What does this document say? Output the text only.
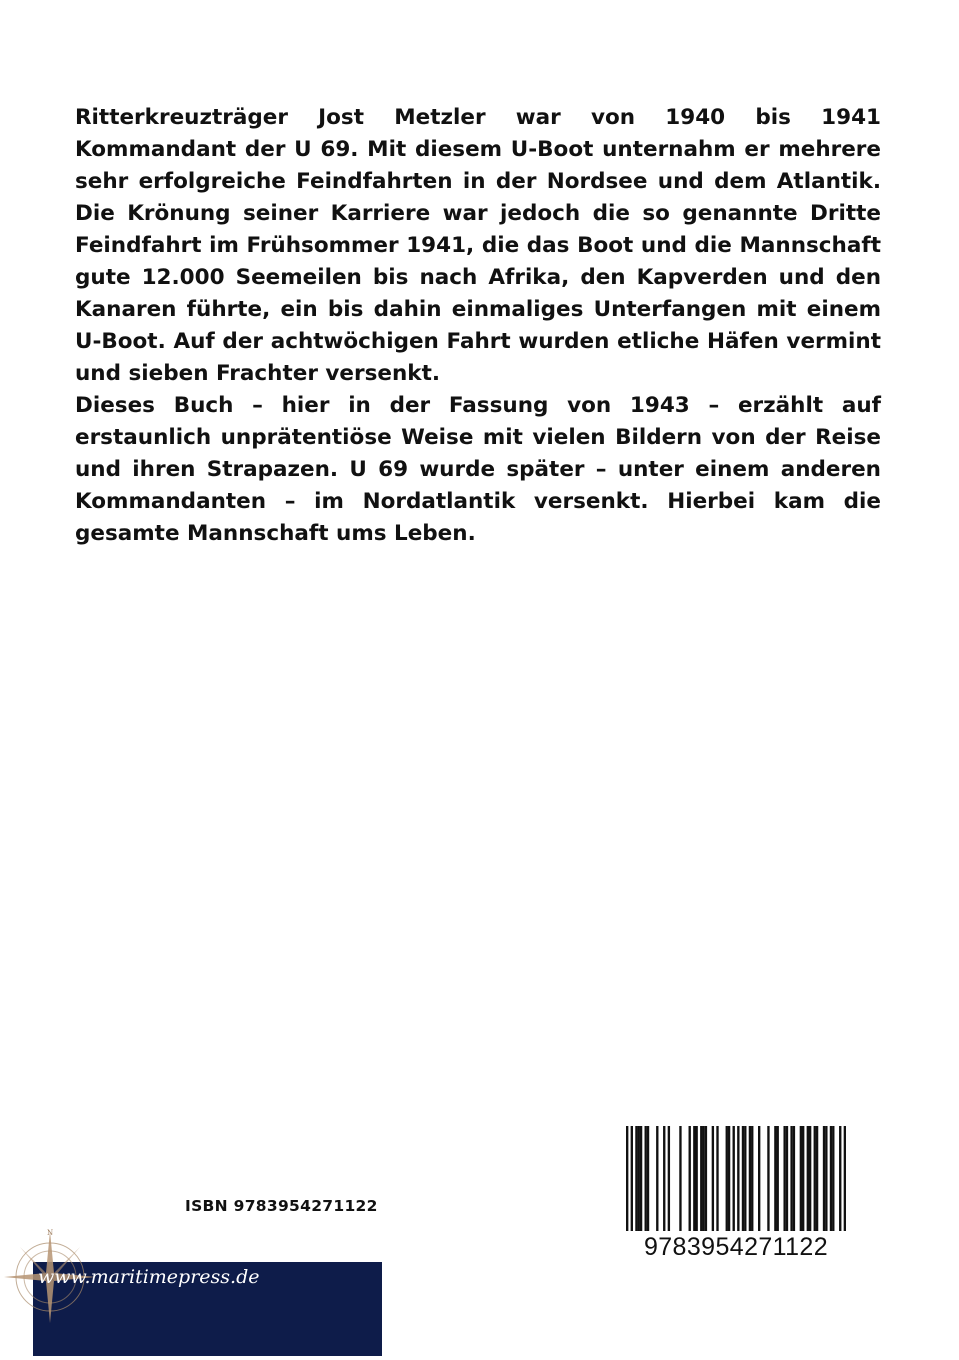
Ritterkreuzträger Jost Metzler war von 1940 bis 1941 Kommandant der U 69. Mit diesem U-Boot unternahm er mehrere sehr erfolgreiche Feindfahrten in der Nordsee und dem Atlantik. Die Krönung seiner Karriere war jedoch die so genannte Dritte Feindfahrt im Frühsommer 1941, die das Boot und die Mannschaft gute 12.000 Seemeilen bis nach Afrika, den Kapverden und den Kanaren führte, ein bis dahin einmaliges Unterfangen mit einem U-Boot. Auf der achtwöchigen Fahrt wurden etliche Häfen vermint und sieben Frachter versenkt.

Dieses Buch – hier in der Fassung von 1943 – erzählt auf erstaunlich unprätentiöse Weise mit vielen Bildern von der Reise und ihren Strapazen. U 69 wurde später – unter einem anderen Kommandanten – im Nordatlantik versenkt. Hierbei kam die gesamte Mannschaft ums Leben.

ISBN 9783954271122
9783954271122
N
www.maritimepress.de
